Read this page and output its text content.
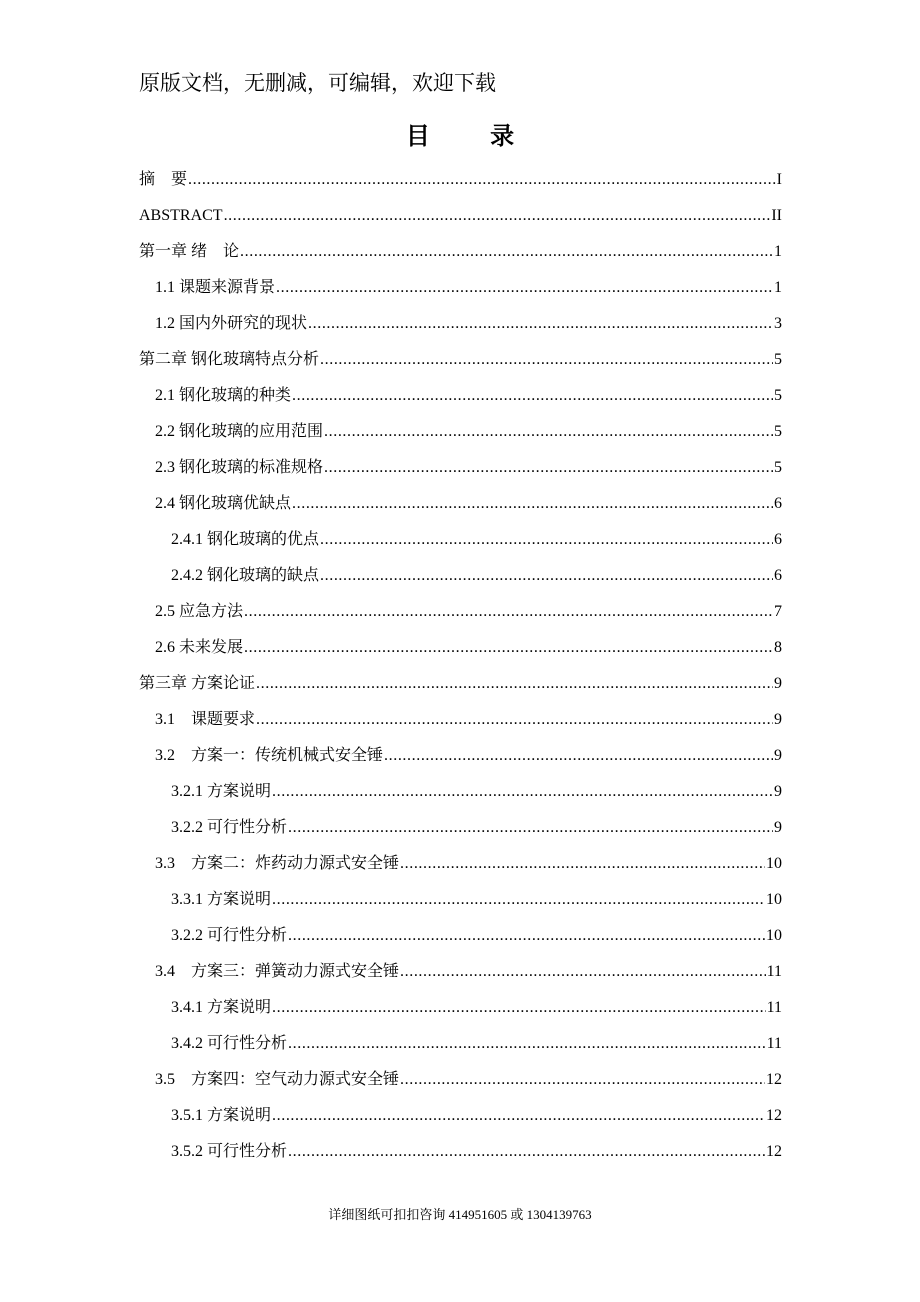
原版文档，无删减，可编辑，欢迎下载
目 录
摘　要 .....	I
ABSTRACT .....	II
第一章 绪　论 .....	1
1.1 课题来源背景 .....	1
1.2 国内外研究的现状 .....	3
第二章 钢化玻璃特点分析 .....	5
2.1 钢化玻璃的种类 .....	5
2.2 钢化玻璃的应用范围 .....	5
2.3 钢化玻璃的标准规格 .....	5
2.4 钢化玻璃优缺点 .....	6
2.4.1 钢化玻璃的优点 .....	6
2.4.2 钢化玻璃的缺点 .....	6
2.5 应急方法 .....	7
2.6 未来发展 .....	8
第三章 方案论证 .....	9
3.1　课题要求 .....	9
3.2　方案一：传统机械式安全锤 .....	9
3.2.1 方案说明 .....	9
3.2.2 可行性分析 .....	9
3.3　方案二：炸药动力源式安全锤 .....	10
3.3.1 方案说明 .....	10
3.2.2 可行性分析 .....	10
3.4　方案三：弹簧动力源式安全锤 .....	11
3.4.1 方案说明 .....	11
3.4.2 可行性分析 .....	11
3.5　方案四：空气动力源式安全锤 .....	12
3.5.1 方案说明 .....	12
3.5.2 可行性分析 .....	12
详细图纸可扣扣咨询 414951605 或 1304139763
